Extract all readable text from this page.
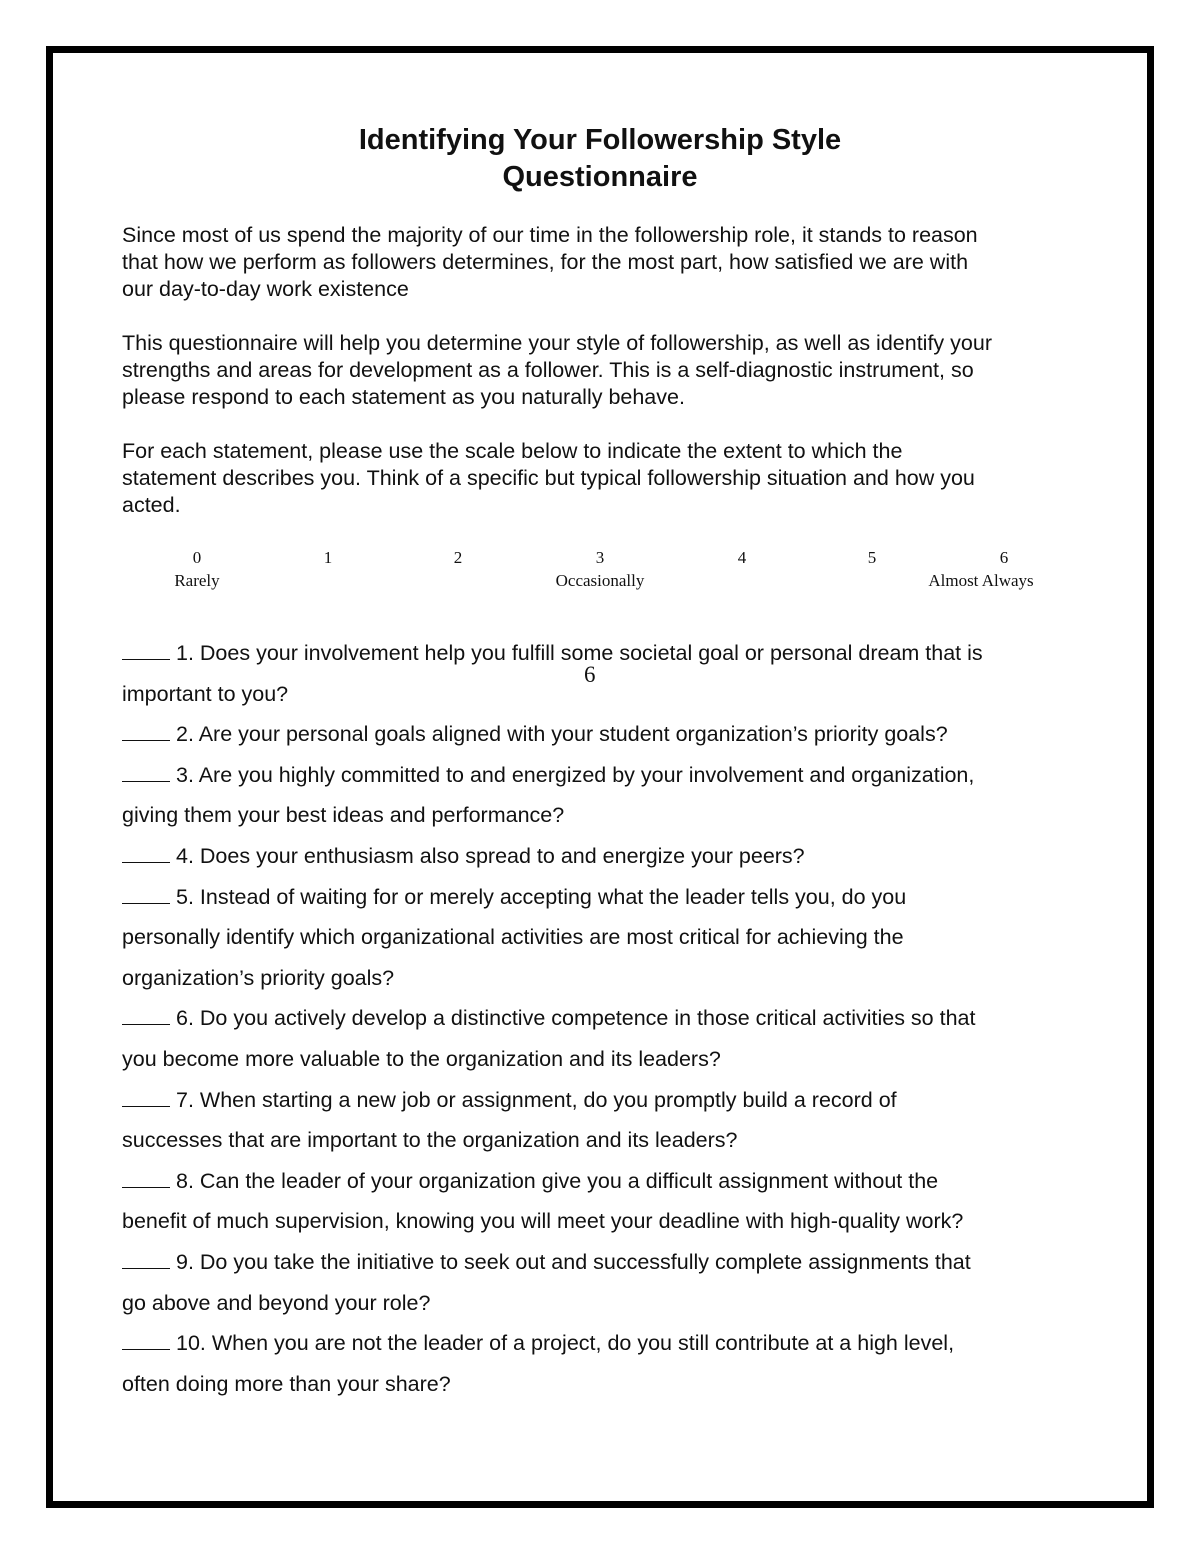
Identifying Your Followership Style
Questionnaire

Since most of us spend the majority of our time in the followership role, it stands to reason
that how we perform as followers determines, for the most part, how satisfied we are with
our day-to-day work existence

This questionnaire will help you determine your style of followership, as well as identify your
strengths and areas for development as a follower. This is a self-diagnostic instrument, so
please respond to each statement as you naturally behave.

For each statement, please use the scale below to indicate the extent to which the
statement describes you. Think of a specific but typical followership situation and how you
acted.

0	1	2	3	4	5	6
Rarely	Occasionally	Almost Always
1. Does your involvement help you fulfill some societal goal or personal dream that is
important to you?
2. Are your personal goals aligned with your student organization’s priority goals?
3. Are you highly committed to and energized by your involvement and organization,
giving them your best ideas and performance?
4. Does your enthusiasm also spread to and energize your peers?
5. Instead of waiting for or merely accepting what the leader tells you, do you
personally identify which organizational activities are most critical for achieving the
organization’s priority goals?
6. Do you actively develop a distinctive competence in those critical activities so that
you become more valuable to the organization and its leaders?
7. When starting a new job or assignment, do you promptly build a record of
successes that are important to the organization and its leaders?
8. Can the leader of your organization give you a difficult assignment without the
benefit of much supervision, knowing you will meet your deadline with high-quality work?
9. Do you take the initiative to seek out and successfully complete assignments that
go above and beyond your role?
10. When you are not the leader of a project, do you still contribute at a high level,
often doing more than your share?
6
